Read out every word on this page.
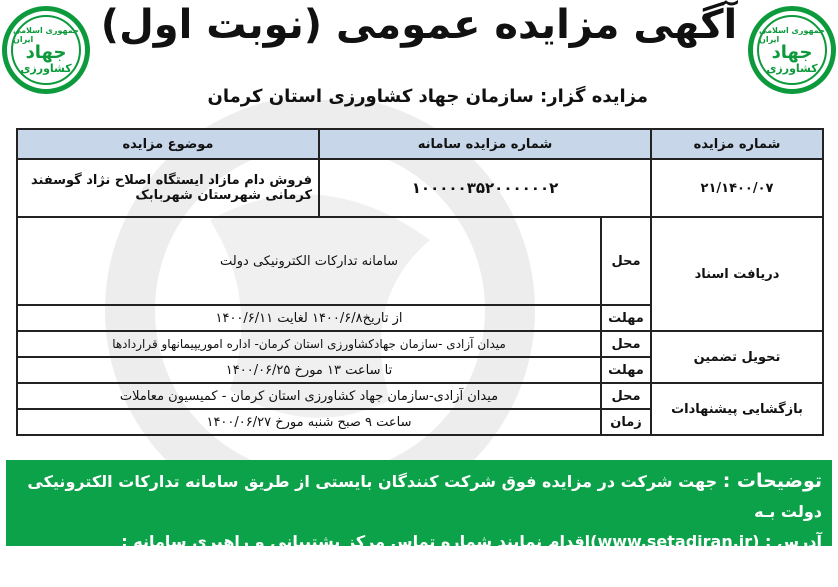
جمهوری اسلامی ایران
جهاد
کشاورزی
جمهوری اسلامی ایران
جهاد
کشاورزی
آگهی مزایده عمومی (نوبت اول)
مزایده گزار: سازمان جهاد کشاورزی استان کرمان
شماره مزایده	شماره مزایده سامانه		موضوع مزایده
۲۱/۱۴۰۰/۰۷	۱۰۰۰۰۰۳۵۲۰۰۰۰۰۰۲		فروش دام مازاد ایستگاه اصلاح نژاد گوسفند کرمانی شهرستان شهربابک
دریافت اسناد	محل	سامانه تدارکات الکترونیکی دولت	
	مهلت	از تاریخ۱۴۰۰/۶/۸ لغایت ۱۴۰۰/۶/۱۱	
تحویل تضمین	محل	میدان آزادی -سازمان جهادکشاورزی استان کرمان- اداره اموریپیمانهاو قراردادها	
	مهلت	تا ساعت ۱۳ مورخ ۱۴۰۰/۰۶/۲۵	
بازگشایی پیشنهادات	محل	میدان آزادی-سازمان جهاد کشاورزی استان کرمان - کمیسیون معاملات	
	زمان	ساعت ۹ صبح شنبه مورخ ۱۴۰۰/۰۶/۲۷	
توضیحات : جهت شرکت در مزایده فوق شرکت کنندگان بایستی از طریق سامانه تدارکات الکترونیکی دولت بـه
آدرس : (www.setadiran.ir)اقدام نمایند شماره تماس مرکز پشتیبانی و راهبری سامانه : ۰۲۱-۲۷۳۱۳۱۳۱
